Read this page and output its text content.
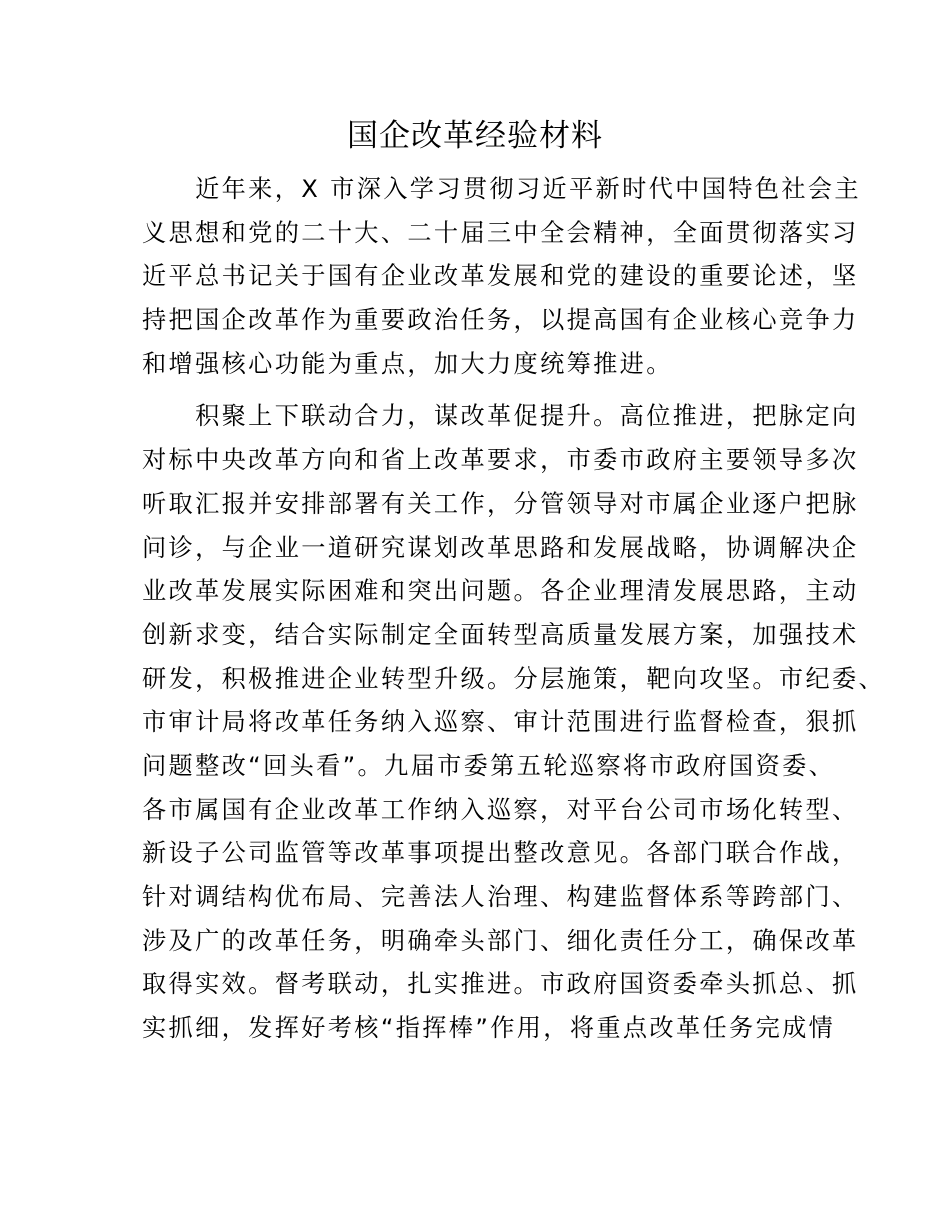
国企改革经验材料
　　近年来，X 市深入学习贯彻习近平新时代中国特色社会主
义思想和党的二十大、二十届三中全会精神，全面贯彻落实习
近平总书记关于国有企业改革发展和党的建设的重要论述，坚
持把国企改革作为重要政治任务，以提高国有企业核心竞争力
和增强核心功能为重点，加大力度统筹推进。
　　积聚上下联动合力，谋改革促提升。高位推进，把脉定向
对标中央改革方向和省上改革要求，市委市政府主要领导多次
听取汇报并安排部署有关工作，分管领导对市属企业逐户把脉
问诊，与企业一道研究谋划改革思路和发展战略，协调解决企
业改革发展实际困难和突出问题。各企业理清发展思路，主动
创新求变，结合实际制定全面转型高质量发展方案，加强技术
研发，积极推进企业转型升级。分层施策，靶向攻坚。市纪委、
市审计局将改革任务纳入巡察、审计范围进行监督检查，狠抓
问题整改“回头看”。九届市委第五轮巡察将市政府国资委、
各市属国有企业改革工作纳入巡察，对平台公司市场化转型、
新设子公司监管等改革事项提出整改意见。各部门联合作战，
针对调结构优布局、完善法人治理、构建监督体系等跨部门、
涉及广的改革任务，明确牵头部门、细化责任分工，确保改革
取得实效。督考联动，扎实推进。市政府国资委牵头抓总、抓
实抓细，发挥好考核“指挥棒”作用，将重点改革任务完成情
